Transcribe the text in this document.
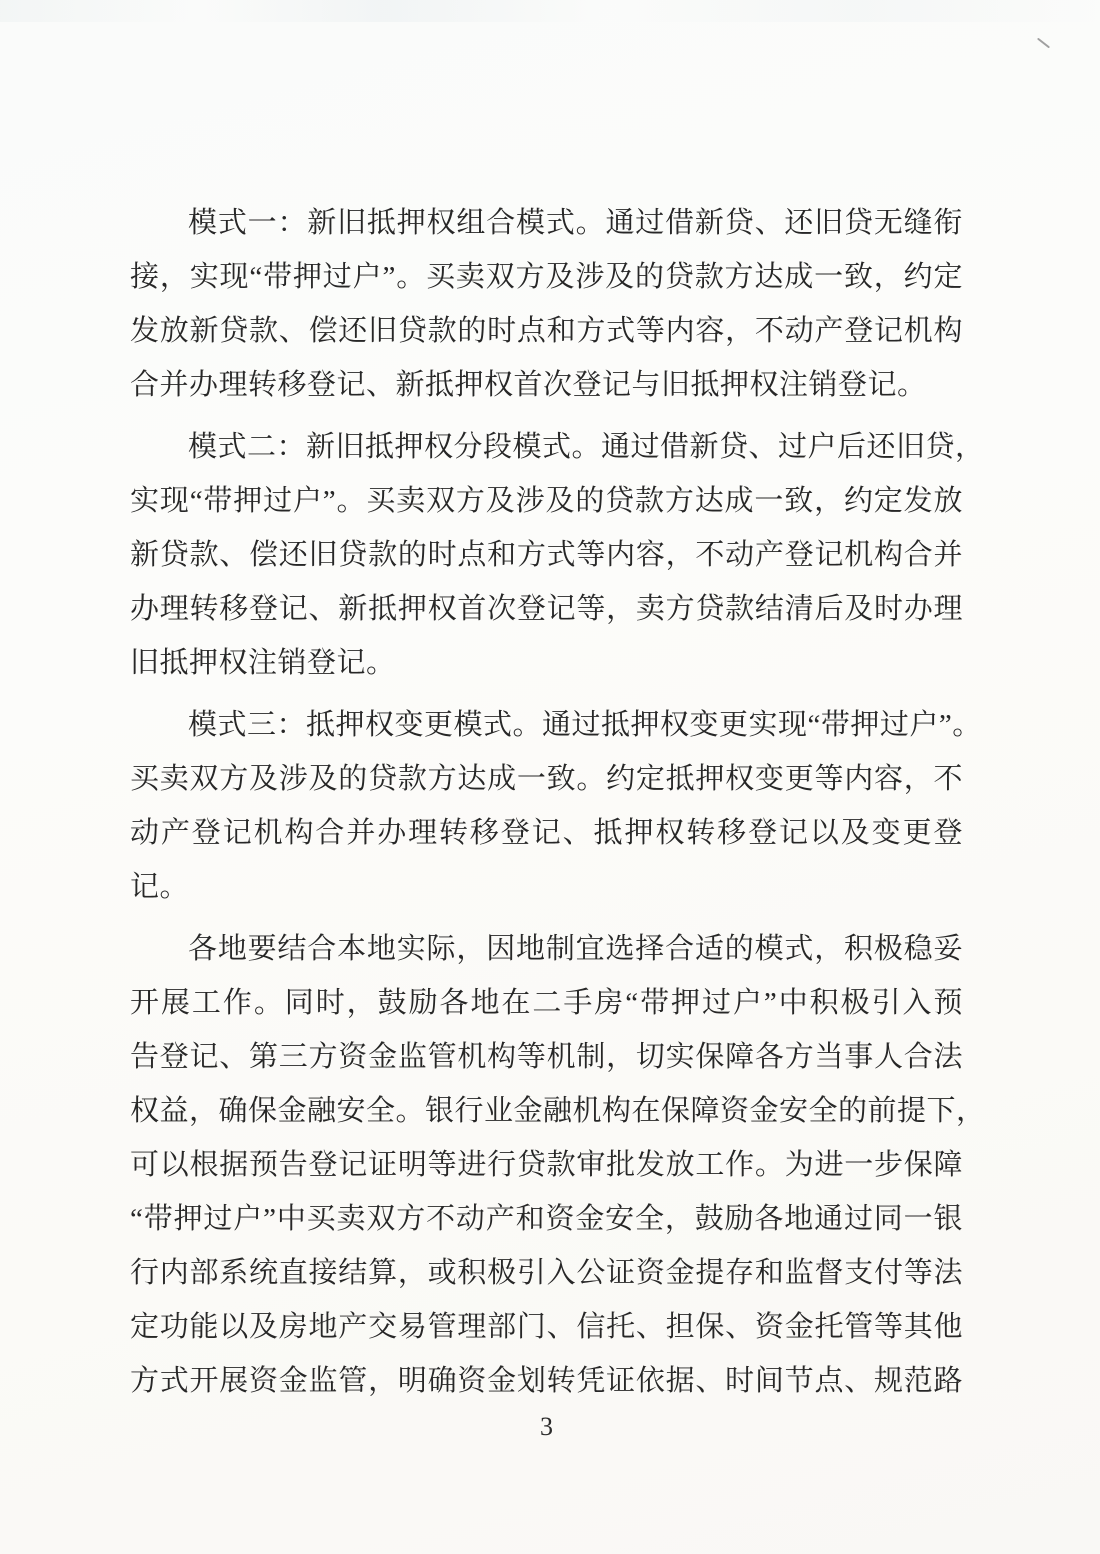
模式一：新旧抵押权组合模式。通过借新贷、还旧贷无缝衔
接，实现“带押过户”。买卖双方及涉及的贷款方达成一致，约定
发放新贷款、偿还旧贷款的时点和方式等内容，不动产登记机构
合并办理转移登记、新抵押权首次登记与旧抵押权注销登记。
模式二：新旧抵押权分段模式。通过借新贷、过户后还旧贷，
实现“带押过户”。买卖双方及涉及的贷款方达成一致，约定发放
新贷款、偿还旧贷款的时点和方式等内容，不动产登记机构合并
办理转移登记、新抵押权首次登记等，卖方贷款结清后及时办理
旧抵押权注销登记。
模式三：抵押权变更模式。通过抵押权变更实现“带押过户”。
买卖双方及涉及的贷款方达成一致。约定抵押权变更等内容，不
动产登记机构合并办理转移登记、抵押权转移登记以及变更登
记。
各地要结合本地实际，因地制宜选择合适的模式，积极稳妥
开展工作。同时，鼓励各地在二手房“带押过户”中积极引入预
告登记、第三方资金监管机构等机制，切实保障各方当事人合法
权益，确保金融安全。银行业金融机构在保障资金安全的前提下，
可以根据预告登记证明等进行贷款审批发放工作。为进一步保障
“带押过户”中买卖双方不动产和资金安全，鼓励各地通过同一银
行内部系统直接结算，或积极引入公证资金提存和监督支付等法
定功能以及房地产交易管理部门、信托、担保、资金托管等其他
方式开展资金监管，明确资金划转凭证依据、时间节点、规范路
3
